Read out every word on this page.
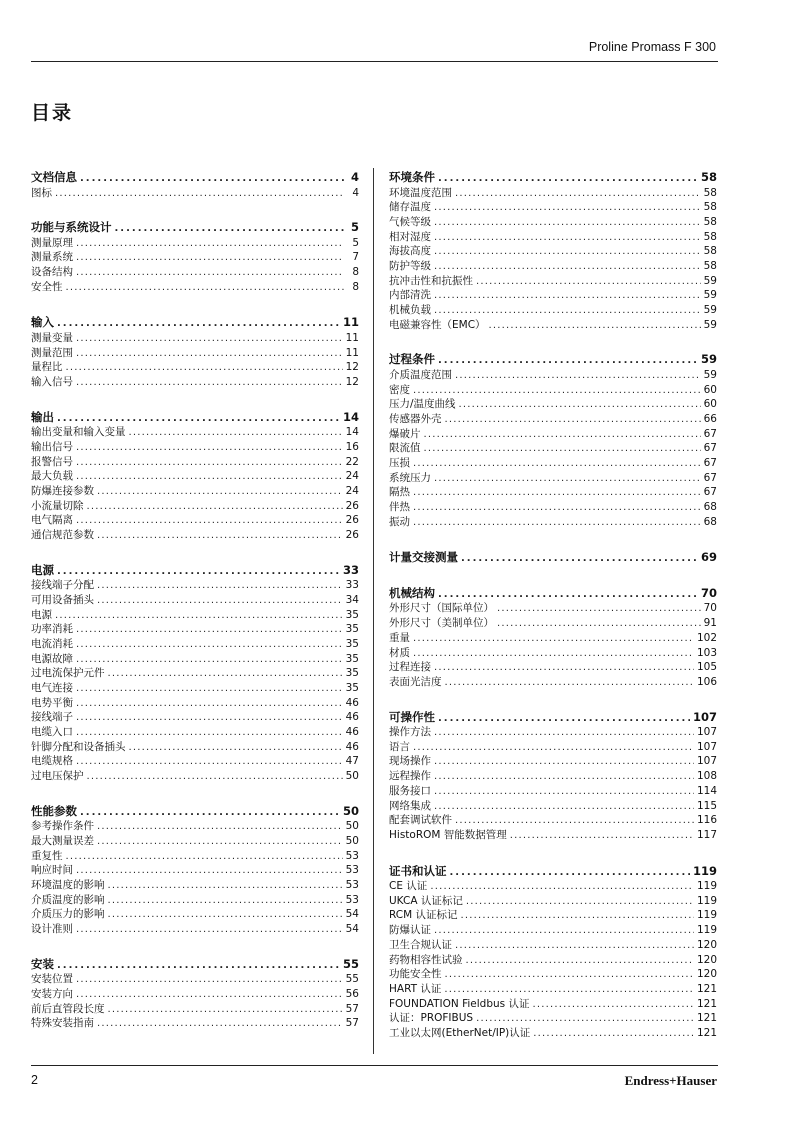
Proline Promass F 300
目录
文档信息 .....	4
图标 .....	4
功能与系统设计 .....	5
测量原理 .....	5
测量系统 .....	7
设备结构 .....	8
安全性 .....	8
输入 .....	11
测量变量 .....	11
测量范围 .....	11
量程比 .....	12
输入信号 .....	12
输出 .....	14
输出变量和输入变量 .....	14
输出信号 .....	16
报警信号 .....	22
最大负载 .....	24
防爆连接参数 .....	24
小流量切除 .....	26
电气隔离 .....	26
通信规范参数 .....	26
电源 .....	33
接线端子分配 .....	33
可用设备插头 .....	34
电源 .....	35
功率消耗 .....	35
电流消耗 .....	35
电源故障 .....	35
过电流保护元件 .....	35
电气连接 .....	35
电势平衡 .....	46
接线端子 .....	46
电缆入口 .....	46
针脚分配和设备插头 .....	46
电缆规格 .....	47
过电压保护 .....	50
性能参数 .....	50
参考操作条件 .....	50
最大测量误差 .....	50
重复性 .....	53
响应时间 .....	53
环境温度的影响 .....	53
介质温度的影响 .....	53
介质压力的影响 .....	54
设计准则 .....	54
安装 .....	55
安装位置 .....	55
安装方向 .....	56
前后直管段长度 .....	57
特殊安装指南 .....	57
环境条件 .....	58
环境温度范围 .....	58
储存温度 .....	58
气候等级 .....	58
相对湿度 .....	58
海拔高度 .....	58
防护等级 .....	58
抗冲击性和抗振性 .....	59
内部清洗 .....	59
机械负载 .....	59
电磁兼容性（EMC） .....	59
过程条件 .....	59
介质温度范围 .....	59
密度 .....	60
压力/温度曲线 .....	60
传感器外壳 .....	66
爆破片 .....	67
限流值 .....	67
压损 .....	67
系统压力 .....	67
隔热 .....	67
伴热 .....	68
振动 .....	68
计量交接测量 .....	69
机械结构 .....	70
外形尺寸（国际单位） .....	70
外形尺寸（美制单位） .....	91
重量 .....	102
材质 .....	103
过程连接 .....	105
表面光洁度 .....	106
可操作性 .....	107
操作方法 .....	107
语言 .....	107
现场操作 .....	107
远程操作 .....	108
服务接口 .....	114
网络集成 .....	115
配套调试软件 .....	116
HistoROM 智能数据管理 .....	117
证书和认证 .....	119
CE 认证 .....	119
UKCA 认证标记 .....	119
RCM 认证标记 .....	119
防爆认证 .....	119
卫生合规认证 .....	120
药物相容性试验 .....	120
功能安全性 .....	120
HART 认证 .....	121
FOUNDATION Fieldbus 认证 .....	121
认证：PROFIBUS .....	121
工业以太网(EtherNet/IP)认证 .....	121
2	Endress+Hauser
